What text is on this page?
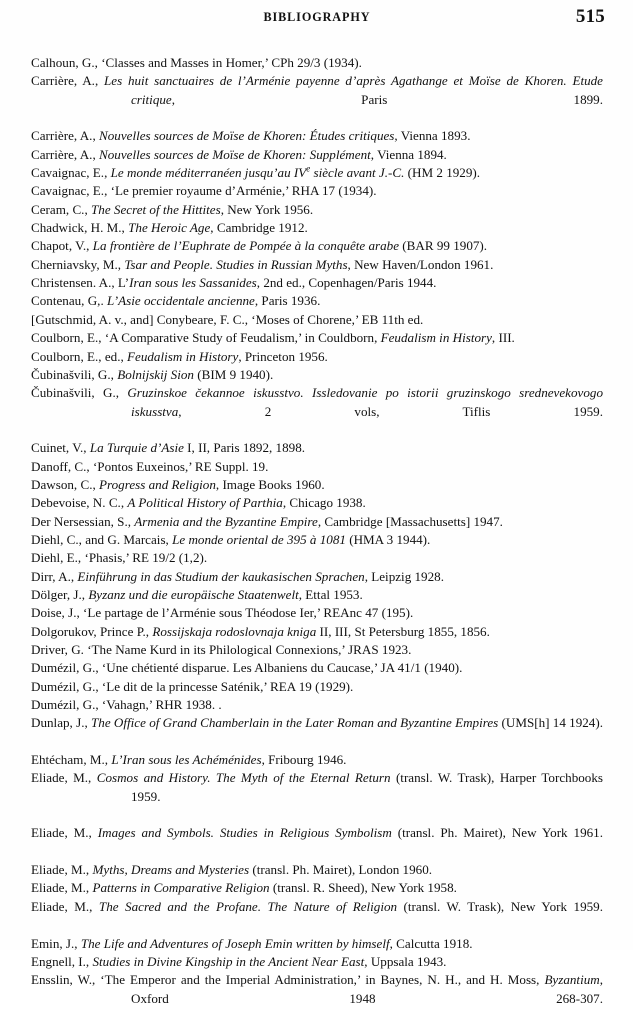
BIBLIOGRAPHY	515

Calhoun, G., ‘Classes and Masses in Homer,’ CPh 29/3 (1934).

Carrière, A., Les huit sanctuaires de l’Arménie payenne d’après Agathange et Moïse de Khoren. Etude critique, Paris 1899.

Carrière, A., Nouvelles sources de Moïse de Khoren: Études critiques, Vienna 1893.

Carrière, A., Nouvelles sources de Moïse de Khoren: Supplément, Vienna 1894.

Cavaignac, E., Le monde méditerranéen jusqu’au IVe siècle avant J.-C. (HM 2 1929).

Cavaignac, E., ‘Le premier royaume d’Arménie,’ RHA 17 (1934).

Ceram, C., The Secret of the Hittites, New York 1956.

Chadwick, H. M., The Heroic Age, Cambridge 1912.

Chapot, V., La frontière de l’Euphrate de Pompée à la conquête arabe (BAR 99 1907).

Cherniavsky, M., Tsar and People. Studies in Russian Myths, New Haven/London 1961.

Christensen. A., L’Iran sous les Sassanides, 2nd ed., Copenhagen/Paris 1944.

Contenau, G,. L’Asie occidentale ancienne, Paris 1936.

[Gutschmid, A. v., and] Conybeare, F. C., ‘Moses of Chorene,’ EB 11th ed.

Coulborn, E., ‘A Comparative Study of Feudalism,’ in Couldborn, Feudalism in History, III.

Coulborn, E., ed., Feudalism in History, Princeton 1956.

Čubinašvili, G., Bolnijskij Sion (BIM 9 1940).

Čubinašvili, G., Gruzinskoe čekannoe iskusstvo. Issledovanie po istorii gruzinskogo srednevekovogo iskusstva, 2 vols, Tiflis 1959.

Cuinet, V., La Turquie d’Asie I, II, Paris 1892, 1898.

Danoff, C., ‘Pontos Euxeinos,’ RE Suppl. 19.

Dawson, C., Progress and Religion, Image Books 1960.

Debevoise, N. C., A Political History of Parthia, Chicago 1938.

Der Nersessian, S., Armenia and the Byzantine Empire, Cambridge [Massachusetts] 1947.

Diehl, C., and G. Marcais, Le monde oriental de 395 à 1081 (HMA 3 1944).

Diehl, E., ‘Phasis,’ RE 19/2 (1,2).

Dirr, A., Einführung in das Studium der kaukasischen Sprachen, Leipzig 1928.

Dölger, J., Byzanz und die europäische Staatenwelt, Ettal 1953.

Doise, J., ‘Le partage de l’Arménie sous Théodose Ier,’ REAnc 47 (195).

Dolgorukov, Prince P., Rossijskaja rodoslovnaja kniga II, III, St Petersburg 1855, 1856.

Driver, G. ‘The Name Kurd in its Philological Connexions,’ JRAS 1923.

Dumézil, G., ‘Une chétienté disparue. Les Albaniens du Caucase,’ JA 41/1 (1940).

Dumézil, G., ‘Le dit de la princesse Saténik,’ REA 19 (1929).

Dumézil, G., ‘Vahagn,’ RHR 1938. .

Dunlap, J., The Office of Grand Chamberlain in the Later Roman and Byzantine Empires (UMS[h] 14 1924).

Ehtécham, M., L’Iran sous les Achéménides, Fribourg 1946.

Eliade, M., Cosmos and History. The Myth of the Eternal Return (transl. W. Trask), Harper Torchbooks 1959.

Eliade, M., Images and Symbols. Studies in Religious Symbolism (transl. Ph. Mairet), New York 1961.

Eliade, M., Myths, Dreams and Mysteries (transl. Ph. Mairet), London 1960.

Eliade, M., Patterns in Comparative Religion (transl. R. Sheed), New York 1958.

Eliade, M., The Sacred and the Profane. The Nature of Religion (transl. W. Trask), New York 1959.

Emin, J., The Life and Adventures of Joseph Emin written by himself, Calcutta 1918.

Engnell, I., Studies in Divine Kingship in the Ancient Near East, Uppsala 1943.

Ensslin, W., ‘The Emperor and the Imperial Administration,’ in Baynes, N. H., and H. Moss, Byzantium, Oxford 1948 268-307.
